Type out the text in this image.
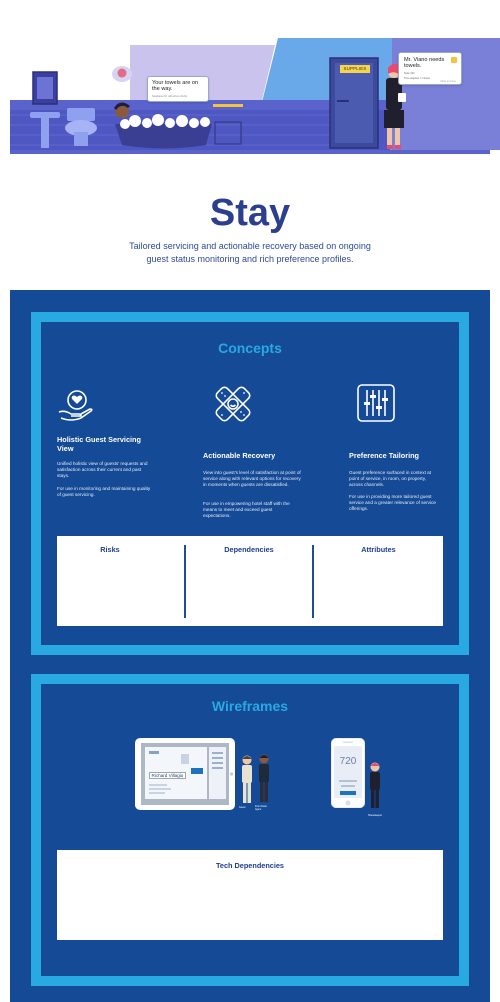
Your towels are on the way.
Stephanie M. will arrive shortly
SUPPLIES
Mr. Viano needs towels.
Suite 310
Time elapsed: 1 minute
Mark as Done
Stay

Tailored servicing and actionable recovery based on ongoing guest status monitoring and rich preference profiles.

Concepts
Holistic Guest Servicing View

Unified holistic view of guests' requests and satisfaction across their current and past stays.

For use in monitoring and maintaining quality of guest servicing.

Actionable Recovery

View into guest's level of satisfaction at point of service along with relevant options for recovery in moments when guests are dissatisfied.

For use in empowering hotel staff with the means to meet and exceed guest expectations.

Preference Tailoring

Guest preference surfaced in context at point of service, in room, on property, across channels.

For use in providing more tailored guest service and a greater relevance of service offerings.

Risks	Dependencies	Attributes
Wireframes
Richard Villagio
Guest	Front Desk Agent
720
Housekeeper
Tech Dependencies
